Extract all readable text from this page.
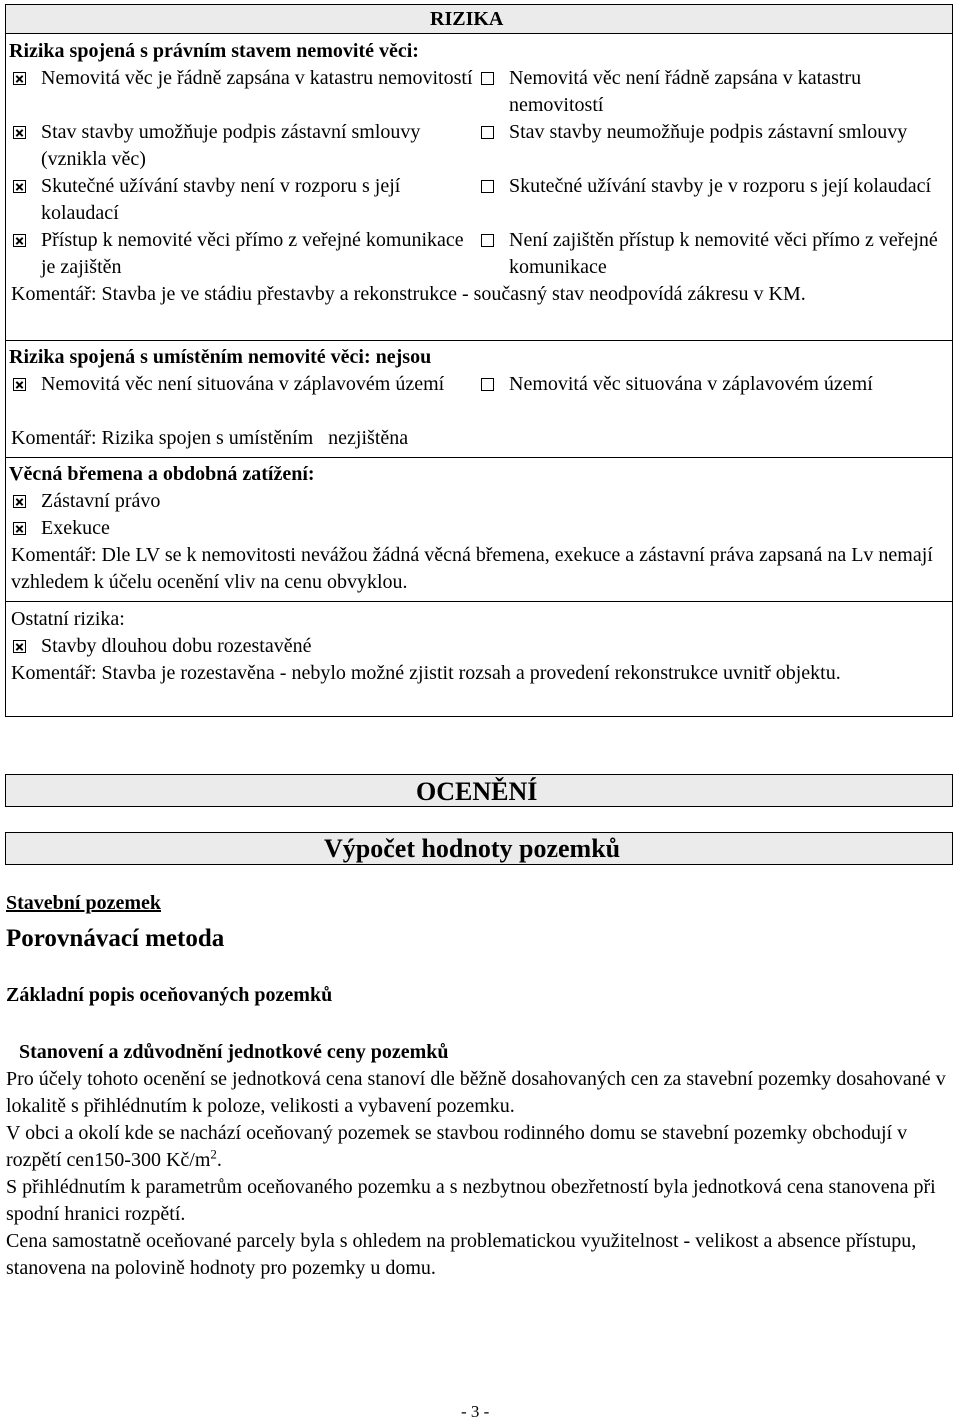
RIZIKA
Rizika spojená s právním stavem nemovité věci:
Nemovitá věc je řádně zapsána v katastru nemovitostí	Nemovitá věc není řádně zapsána v katastru nemovitostí
Stav stavby umožňuje podpis zástavní smlouvy (vznikla věc)
Stav stavby neumožňuje podpis zástavní smlouvy
Skutečné užívání stavby není v rozporu s její kolaudací
Skutečné užívání stavby je v rozporu s její kolaudací
Přístup k nemovité věci přímo z veřejné komunikace je zajištěn
Není zajištěn přístup k nemovité věci přímo z veřejné komunikace
Komentář: Stavba je ve stádiu přestavby a rekonstrukce - současný stav neodpovídá zákresu v KM.
Rizika spojená s umístěním nemovité věci: nejsou
Nemovitá věc není situována v záplavovém území	Nemovitá věc situována v záplavovém území
Komentář: Rizika spojen s umístěním   nezjištěna
Věcná břemena a obdobná zatížení:
Zástavní právo
Exekuce
Komentář: Dle LV se k nemovitosti nevážou žádná věcná břemena, exekuce a zástavní práva zapsaná na Lv nemají vzhledem k účelu ocenění vliv na cenu obvyklou.
Ostatní rizika:
Stavby dlouhou dobu rozestavěné
Komentář: Stavba je rozestavěna - nebylo možné zjistit rozsah a provedení rekonstrukce uvnitř objektu.
OCENĚNÍ
Výpočet hodnoty pozemků
Stavební pozemek
Porovnávací metoda
Základní popis oceňovaných pozemků
Stanovení a zdůvodnění jednotkové ceny pozemků
Pro účely tohoto ocenění se jednotková cena stanoví dle běžně dosahovaných cen za stavební pozemky dosahované v lokalitě s přihlédnutím k poloze, velikosti a vybavení pozemku.
V obci a okolí kde se nachází oceňovaný pozemek se stavbou rodinného domu se stavební pozemky obchodují v rozpětí cen150-300 $Kč/m^2$.
S přihlédnutím k parametrům oceňovaného pozemku a s nezbytnou obezřetností byla jednotková cena stanovena při spodní hranici rozpětí.
Cena samostatně oceňované parcely byla s ohledem na problematickou využitelnost - velikost a absence přístupu, stanovena na polovině hodnoty pro pozemky u domu.
- 3 -
